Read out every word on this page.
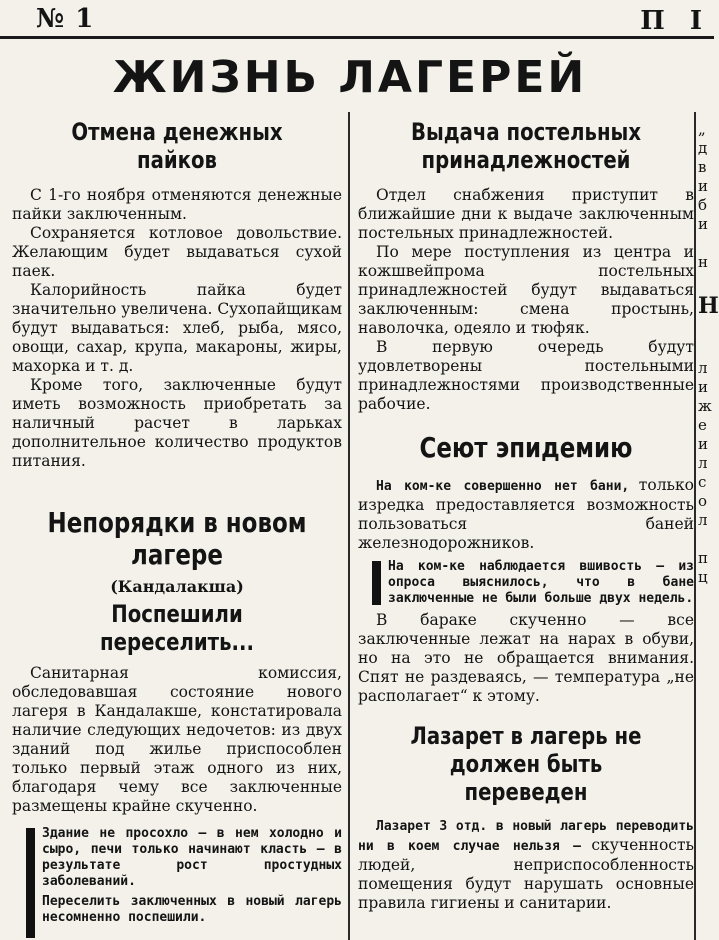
№ 1	П I
ЖИЗНЬ ЛАГЕРЕЙ
Отмена денежных пайков

С 1-го ноября отменяются денежные пайки заключенным.

Сохраняется котловое довольствие. Желающим будет выдаваться сухой паек.

Калорийность пайка будет значительно увеличена. Сухопайщикам будут выдаваться: хлеб, рыба, мясо, овощи, сахар, крупа, макароны, жиры, махорка и т. д.

Кроме того, заключенные будут иметь возможность приобретать за наличный расчет в ларьках дополнительное количество продуктов питания.

Непорядки в новом лагере
(Кандалакша)
Поспешили переселить...

Санитарная комиссия, обследовавшая состояние нового лагеря в Кандалакше, констатировала наличие следующих недочетов: из двух зданий под жилье приспособлен только первый этаж одного из них, благодаря чему все заключенные размещены крайне скученно.

Здание не просохло — в нем холодно и сыро, печи только начинают класть — в результате рост простудных заболеваний.

Переселить заключенных в новый лагерь несомненно поспешили.

Выдача постельных принадлежностей

Отдел снабжения приступит в ближайшие дни к выдаче заключенным постельных принадлежностей.

По мере поступления из центра и кожшвейпрома постельных принадлежностей будут выдаваться заключенным: смена простынь, наволочка, одеяло и тюфяк.

В первую очередь будут удовлетворены постельными принадлежностями производственные рабочие.

Сеют эпидемию

На ком-ке совершенно нет бани, только изредка предоставляется возможность пользоваться баней железнодорожников.

На ком-ке наблюдается вшивость — из опроса выяснилось, что в бане заключенные не были больше двух недель.

В бараке скученно — все заключенные лежат на нарах в обуви, но на это не обращается внимания. Спят не раздеваясь, — температура „не располагает“ к этому.

Лазарет в лагерь не должен быть переведен

Лазарет 3 отд. в новый лагерь переводить ни в коем случае нельзя — скученность людей, неприспособленность помещения будут нарушать основные правила гигиены и санитарии.

„
д
в
и
б
и

н

Н

л
и
ж
е
и
л
с
о
л

п
ц
